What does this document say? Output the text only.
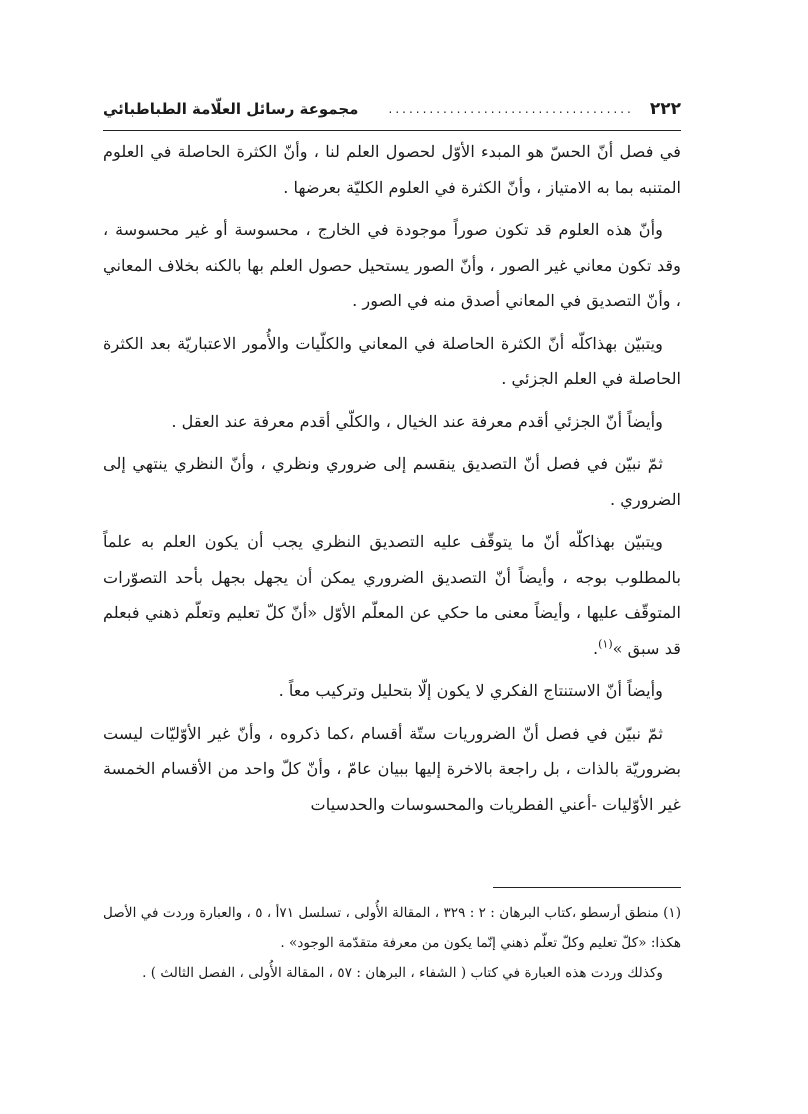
٢٢٢
....................................
مجموعة رسائل العلّامة الطباطبائي

في فصل أنّ الحسّ هو المبدء الأوّل لحصول العلم لنا ، وأنّ الكثرة الحاصلة في العلوم المتنبه بما به الامتياز ، وأنّ الكثرة في العلوم الكليّة بعرضها .

وأنّ هذه العلوم قد تكون صوراً موجودة في الخارج ، محسوسة أو غير محسوسة ، وقد تكون معاني غير الصور ، وأنّ الصور يستحيل حصول العلم بها بالكنه بخلاف المعاني ، وأنّ التصديق في المعاني أصدق منه في الصور .

ويتبيّن بهذاكلّه أنّ الكثرة الحاصلة في المعاني والكلّيات والأُمور الاعتباريّة بعد الكثرة الحاصلة في العلم الجزئي .

وأيضاً أنّ الجزئي أقدم معرفة عند الخيال ، والكلّي أقدم معرفة عند العقل .

ثمّ نبيّن في فصل أنّ التصديق ينقسم إلى ضروري ونظري ، وأنّ النظري ينتهي إلى الضروري .

ويتبيّن بهذاكلّه أنّ ما يتوقّف عليه التصديق النظري يجب أن يكون العلم به علماً بالمطلوب بوجه ، وأيضاً أنّ التصديق الضروري يمكن أن يجهل بجهل بأحد التصوّرات المتوقّف عليها ، وأيضاً معنى ما حكي عن المعلّم الأوّل «أنّ كلّ تعليم وتعلّم ذهني فبعلم قد سبق »$^{(١)}$.

وأيضاً أنّ الاستنتاج الفكري لا يكون إلّا بتحليل وتركيب معاً .

ثمّ نبيّن في فصل أنّ الضروريات ستّة أقسام ،كما ذكروه ، وأنّ غير الأوّليّات ليست بضروريّة بالذات ، بل راجعة بالاخرة إليها ببيان عامّ ، وأنّ كلّ واحد من الأقسام الخمسة غير الأوّليات -أعني الفطريات والمحسوسات والحدسيات

(١) منطق أرسطو ،كتاب البرهان : ٢ : ٣٢٩ ، المقالة الأُولى ، تسلسل ٧١أ ، ٥ ، والعبارة وردت في الأصل هكذا: «كلّ تعليم وكلّ تعلّم ذهني إنّما يكون من معرفة متقدّمة الوجود» .

وكذلك وردت هذه العبارة في كتاب ( الشفاء ، البرهان : ٥٧ ، المقالة الأُولى ، الفصل الثالث ) .
